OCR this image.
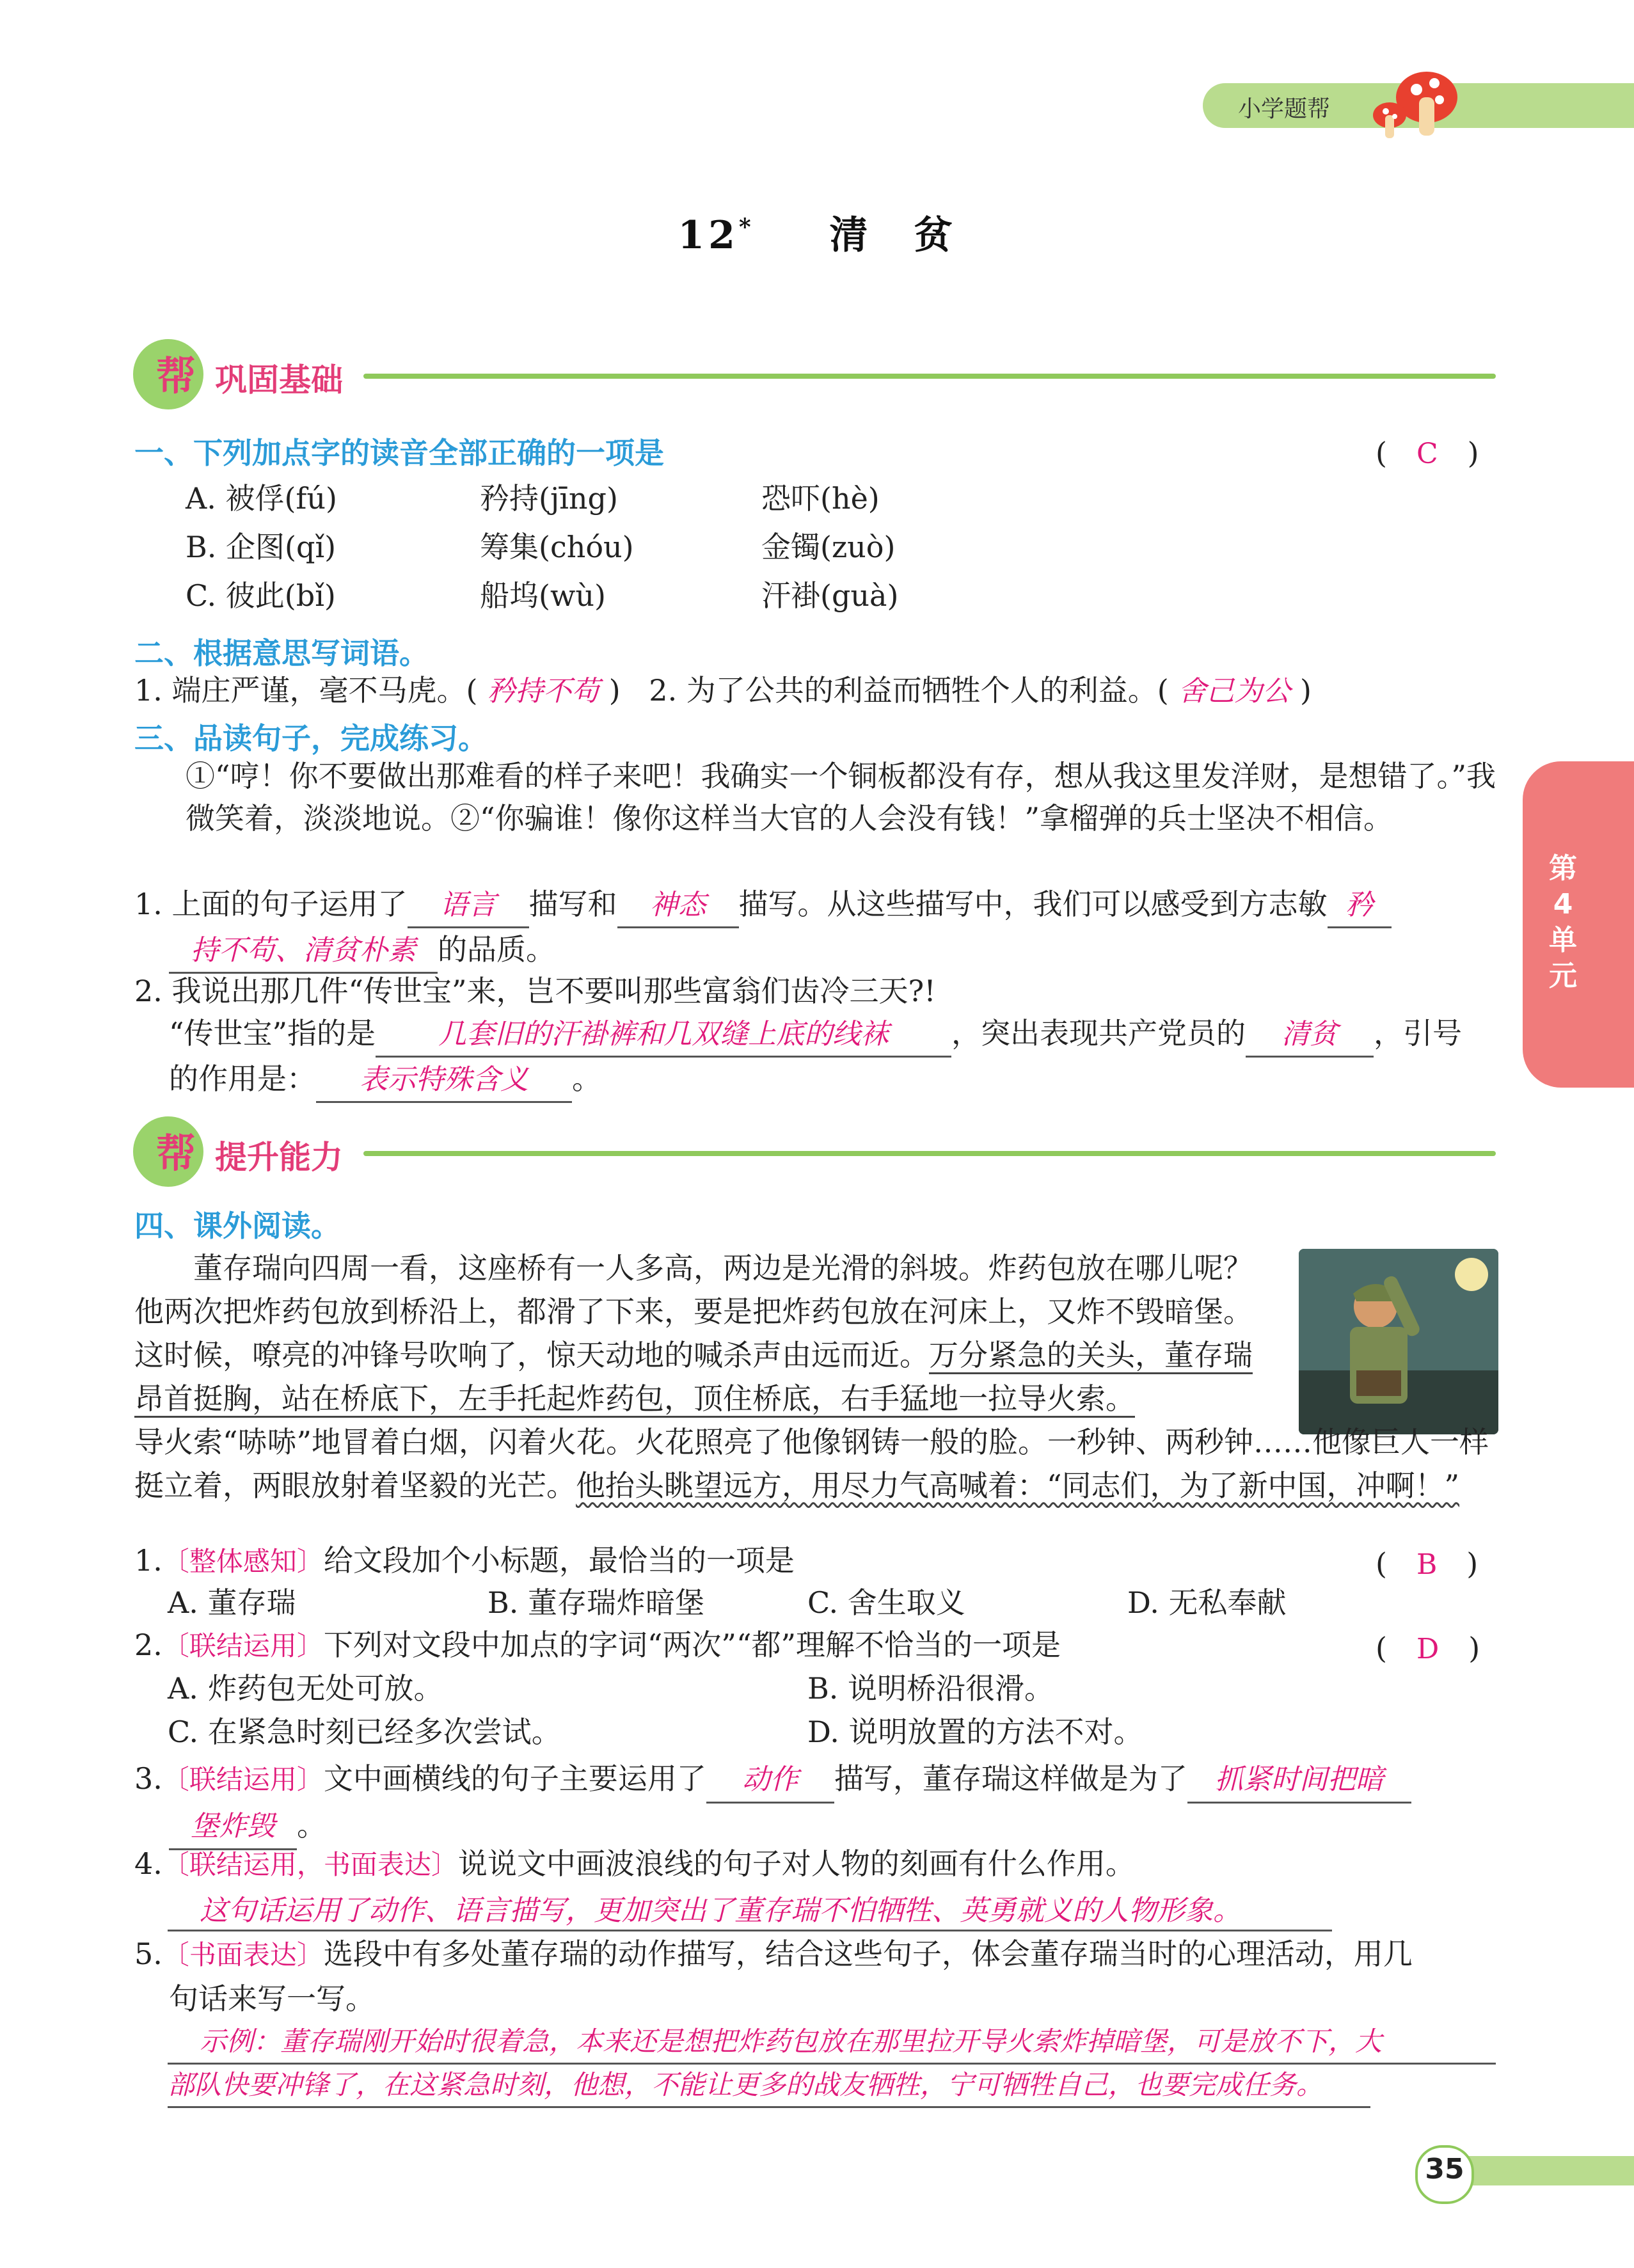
小学题帮
12* 清　贫
帮 巩固基础
一、下列加点字的读音全部正确的一项是	(　C　)
A. 被俘(fú)	矜持(jīng)	恐吓(hè)
B. 企图(qǐ)	筹集(chóu)	金镯(zuò)
C. 彼此(bǐ)	船坞(wù)	汗褂(guà)
二、根据意思写词语。
1. 端庄严谨，毫不马虎。( 矜持不苟 ) 2. 为了公共的利益而牺牲个人的利益。( 舍己为公 )
三、品读句子，完成练习。
①“哼！你不要做出那难看的样子来吧！我确实一个铜板都没有存，想从我这里发洋财，是想错了。”我微笑着，淡淡地说。②“你骗谁！像你这样当大官的人会没有钱！”拿榴弹的兵士坚决不相信。
1. 上面的句子运用了 语言 描写和 神态 描写。从这些描写中，我们可以感受到方志敏 矜
持不苟、清贫朴素 的品质。
2. 我说出那几件“传世宝”来，岂不要叫那些富翁们齿冷三天?!
“传世宝”指的是 几套旧的汗褂裤和几双缝上底的线袜 ，突出表现共产党员的 清贫 ，引号
的作用是： 表示特殊含义 。
帮 提升能力
四、课外阅读。
董存瑞向四周一看，这座桥有一人多高，两边是光滑的斜坡。炸药包放在哪儿呢？他两次把炸药包放到桥沿上，都滑了下来，要是把炸药包放在河床上，又炸不毁暗堡。这时候，嘹亮的冲锋号吹响了，惊天动地的喊杀声由远而近。万分紧急的关头，董存瑞昂首挺胸，站在桥底下，左手托起炸药包，顶住桥底，右手猛地一拉导火索。
导火索“哧哧”地冒着白烟，闪着火花。火花照亮了他像钢铸一般的脸。一秒钟、两秒钟……他像巨人一样挺立着，两眼放射着坚毅的光芒。他抬头眺望远方，用尽力气高喊着：“同志们，为了新中国，冲啊！”
1.〔整体感知〕给文段加个小标题，最恰当的一项是	(　B　)
A. 董存瑞	B. 董存瑞炸暗堡	C. 舍生取义	D. 无私奉献
2.〔联结运用〕下列对文段中加点的字词“两次”“都”理解不恰当的一项是	(　D　)
A. 炸药包无处可放。	B. 说明桥沿很滑。
C. 在紧急时刻已经多次尝试。	D. 说明放置的方法不对。
3.〔联结运用〕文中画横线的句子主要运用了 动作 描写，董存瑞这样做是为了 抓紧时间把暗
堡炸毁 。
4.〔联结运用，书面表达〕说说文中画波浪线的句子对人物的刻画有什么作用。
这句话运用了动作、语言描写，更加突出了董存瑞不怕牺牲、英勇就义的人物形象。
5.〔书面表达〕选段中有多处董存瑞的动作描写，结合这些句子，体会董存瑞当时的心理活动，用几
句话来写一写。
示例：董存瑞刚开始时很着急，本来还是想把炸药包放在那里拉开导火索炸掉暗堡，可是放不下，大
部队快要冲锋了，在这紧急时刻，他想，不能让更多的战友牺牲，宁可牺牲自己，也要完成任务。
第4单元
35
